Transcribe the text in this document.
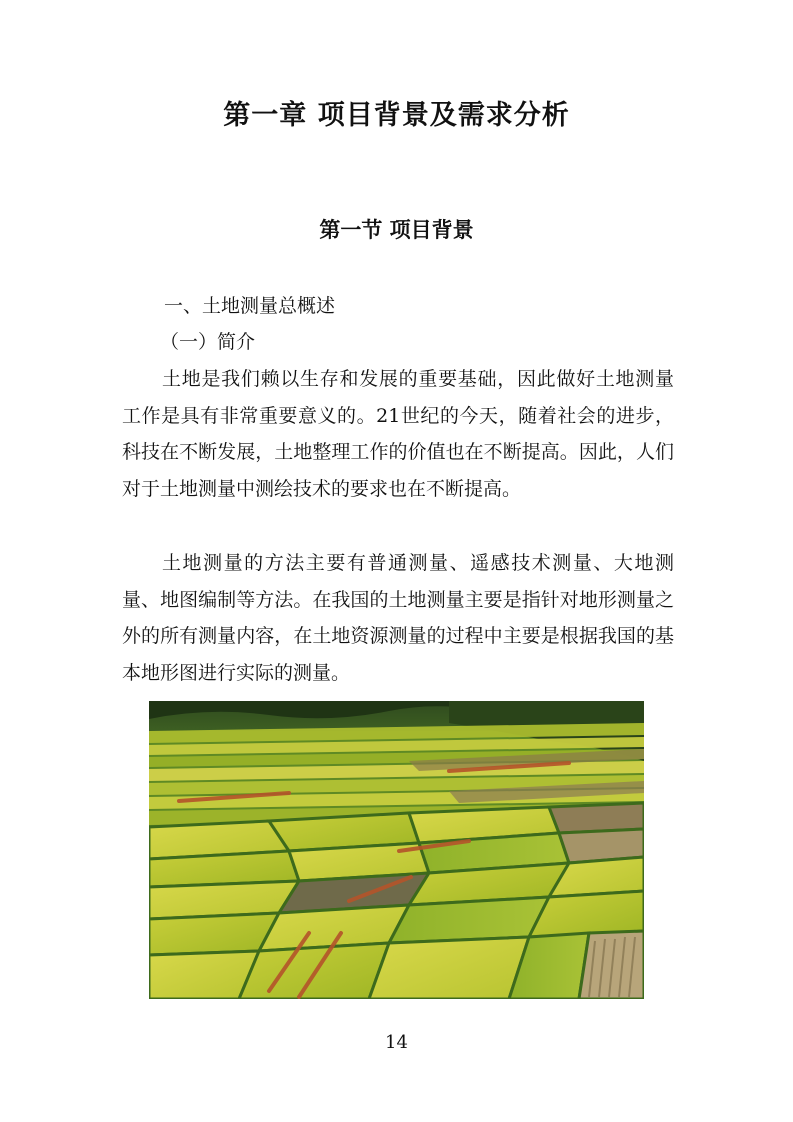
第一章 项目背景及需求分析
第一节 项目背景

一、土地测量总概述

（一）简介

土地是我们赖以生存和发展的重要基础，因此做好土地测量工作是具有非常重要意义的。21世纪的今天，随着社会的进步，科技在不断发展，土地整理工作的价值也在不断提高。因此，人们对于土地测量中测绘技术的要求也在不断提高。

土地测量的方法主要有普通测量、遥感技术测量、大地测量、地图编制等方法。在我国的土地测量主要是指针对地形测量之外的所有测量内容，在土地资源测量的过程中主要是根据我国的基本地形图进行实际的测量。

14
